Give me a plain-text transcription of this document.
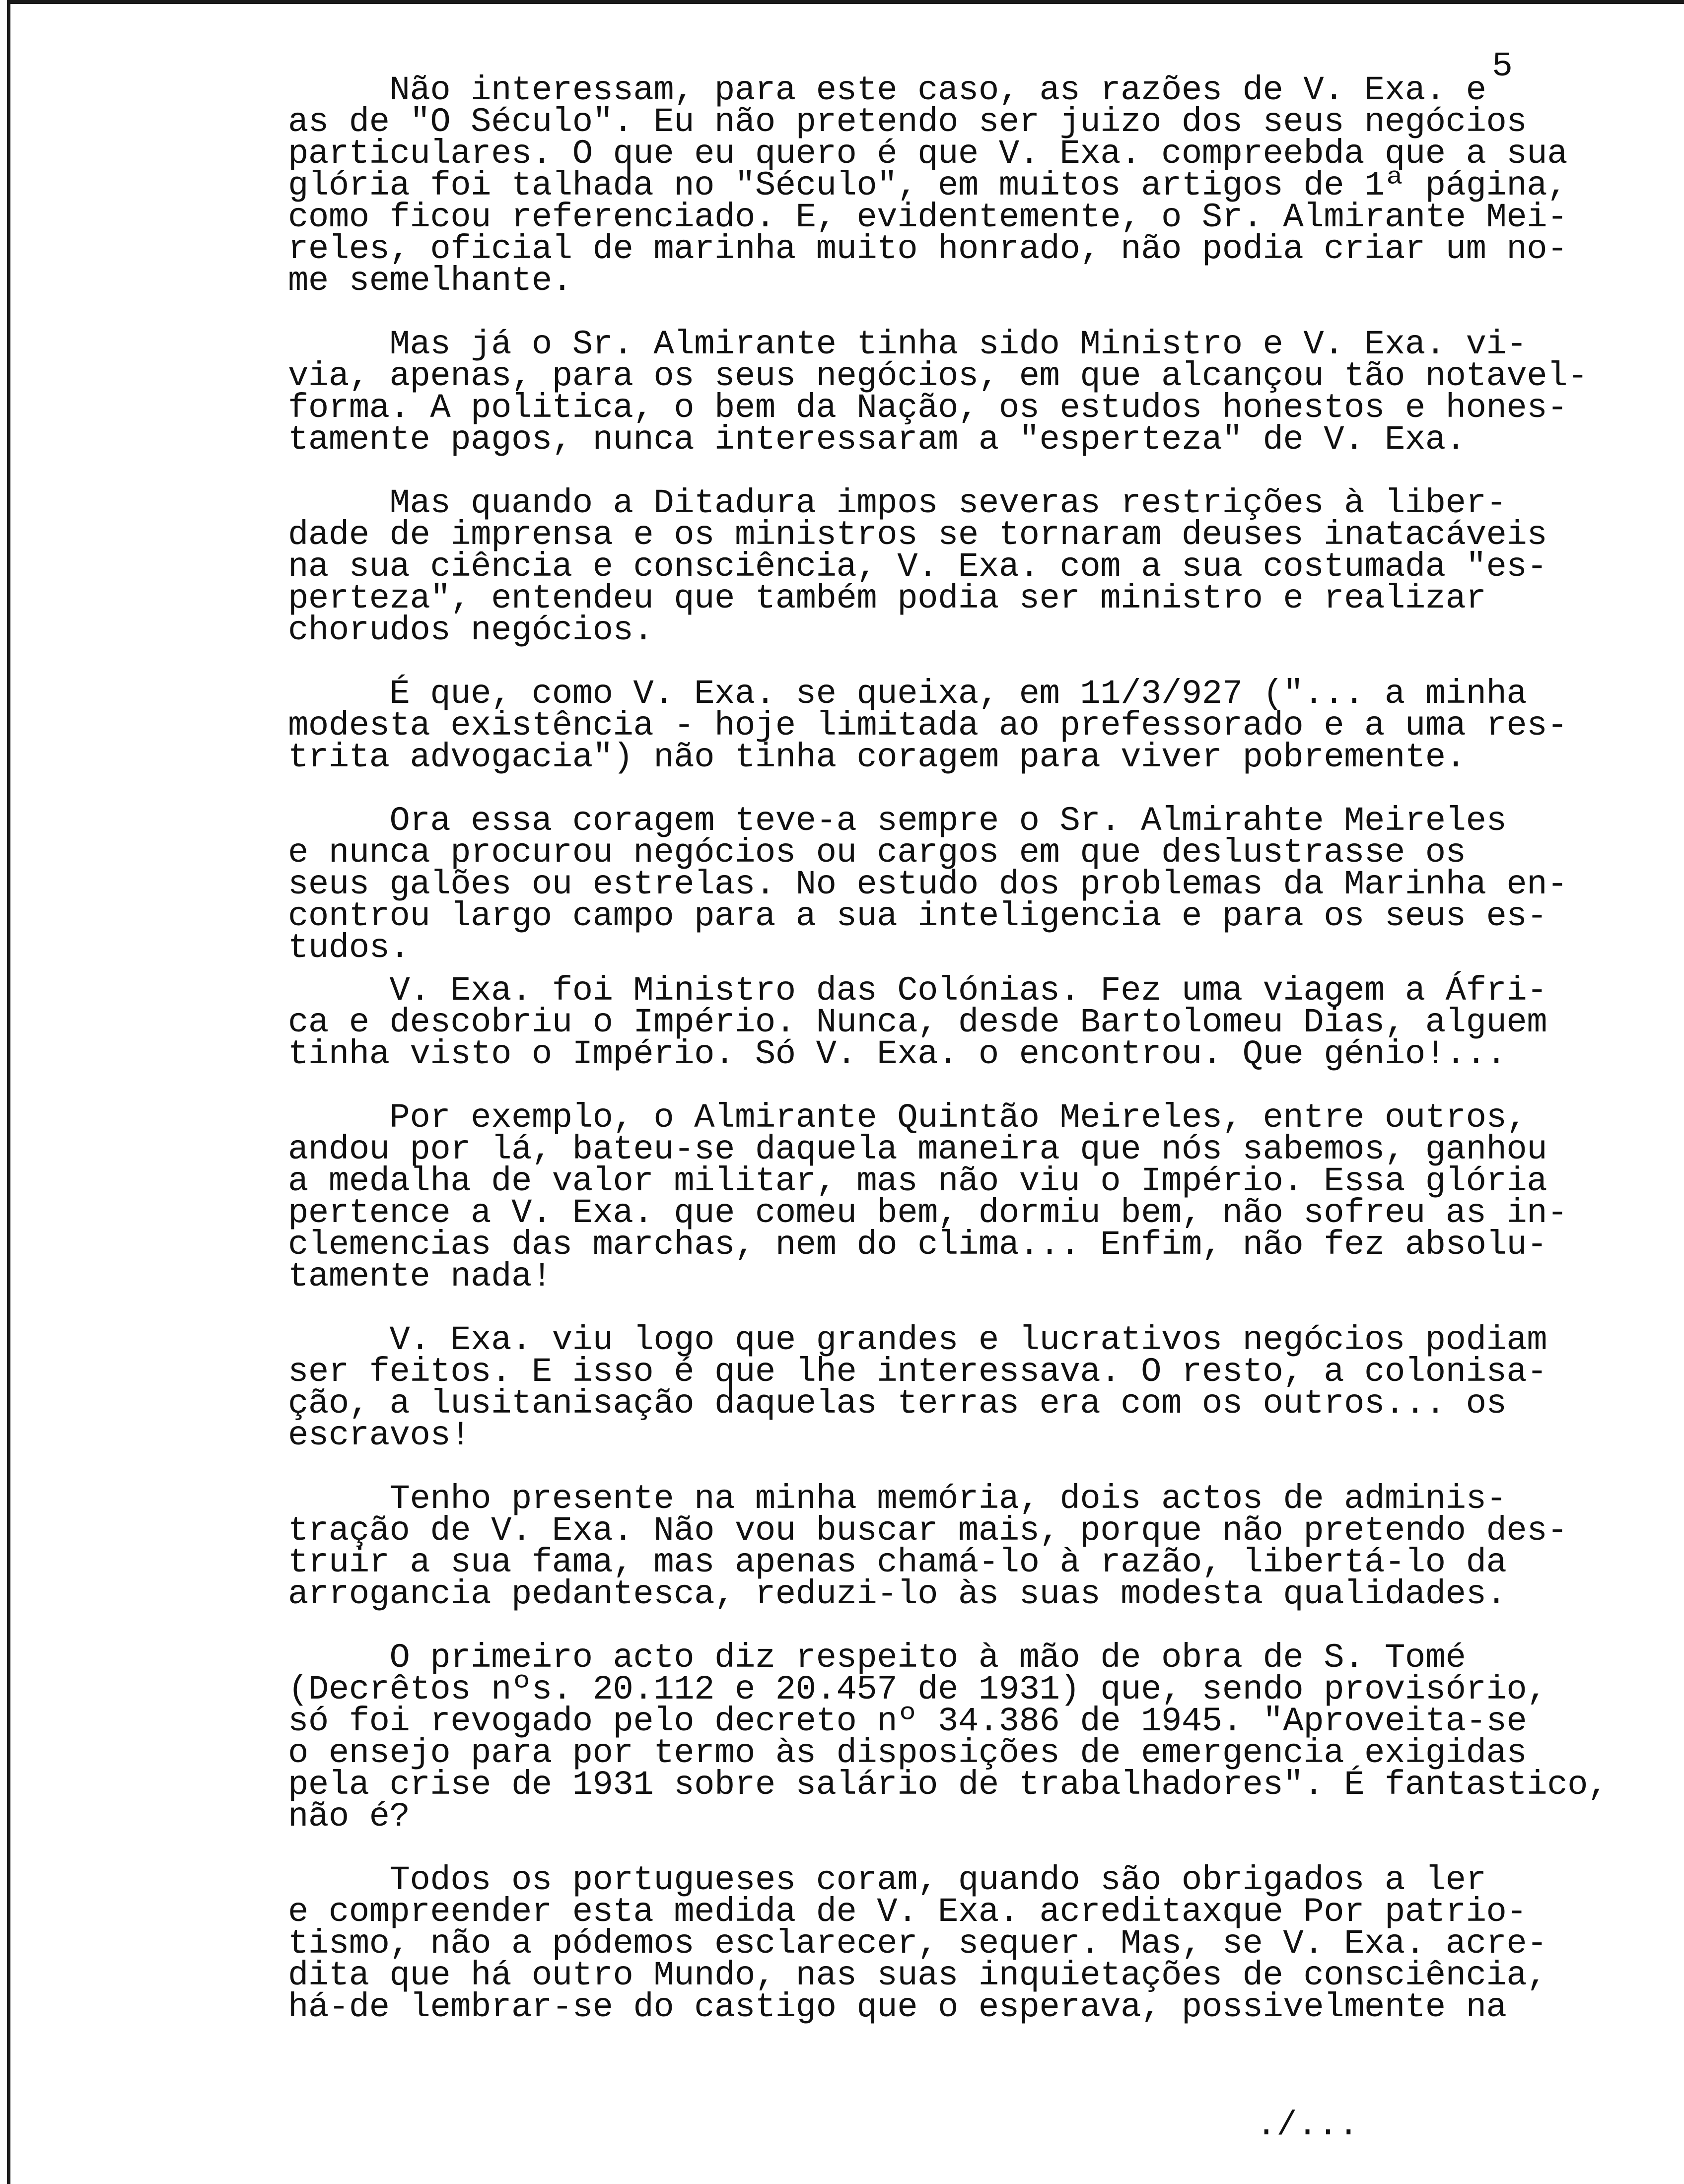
5
Não interessam, para este caso, as razões de V. Exa. e
as de "O Século". Eu não pretendo ser juizo dos seus negócios
particulares. O que eu quero é que V. Exa. compreebda que a sua
glória foi talhada no "Século", em muitos artigos de 1ª página,
como ficou referenciado. E, evidentemente, o Sr. Almirante Mei-
reles, oficial de marinha muito honrado, não podia criar um no-
me semelhante.
Mas já o Sr. Almirante tinha sido Ministro e V. Exa. vi-
via, apenas, para os seus negócios, em que alcançou tão notavel-
forma. A politica, o bem da Nação, os estudos honestos e hones-
tamente pagos, nunca interessaram a "esperteza" de V. Exa.
Mas quando a Ditadura impos severas restrições à liber-
dade de imprensa e os ministros se tornaram deuses inatacáveis
na sua ciência e consciência, V. Exa. com a sua costumada "es-
perteza", entendeu que também podia ser ministro e realizar
chorudos negócios.
É que, como V. Exa. se queixa, em 11/3/927 ("... a minha
modesta existência - hoje limitada ao prefessorado e a uma res-
trita advogacia") não tinha coragem para viver pobremente.
Ora essa coragem teve-a sempre o Sr. Almirahte Meireles
e nunca procurou negócios ou cargos em que deslustrasse os
seus galões ou estrelas. No estudo dos problemas da Marinha en-
controu largo campo para a sua inteligencia e para os seus es-
tudos.
V. Exa. foi Ministro das Colónias. Fez uma viagem a Áfri-
ca e descobriu o Império. Nunca, desde Bartolomeu Dias, alguem
tinha visto o Império. Só V. Exa. o encontrou. Que génio!...
Por exemplo, o Almirante Quintão Meireles, entre outros,
andou por lá, bateu-se daquela maneira que nós sabemos, ganhou
a medalha de valor militar, mas não viu o Império. Essa glória
pertence a V. Exa. que comeu bem, dormiu bem, não sofreu as in-
clemencias das marchas, nem do clima... Enfim, não fez absolu-
tamente nada!
V. Exa. viu logo que grandes e lucrativos negócios podiam
ser feitos. E isso é que lhe interessava. O resto, a colonisa-
ção, a lusitanisação daquelas terras era com os outros... os
escravos!
Tenho presente na minha memória, dois actos de adminis-
tração de V. Exa. Não vou buscar mais, porque não pretendo des-
truir a sua fama, mas apenas chamá-lo à razão, libertá-lo da
arrogancia pedantesca, reduzi-lo às suas modesta qualidades.
O primeiro acto diz respeito à mão de obra de S. Tomé
(Decrêtos nºs. 20.112 e 20.457 de 1931) que, sendo provisório,
só foi revogado pelo decreto nº 34.386 de 1945. "Aproveita-se
o ensejo para por termo às disposições de emergencia exigidas
pela crise de 1931 sobre salário de trabalhadores". É fantastico,
não é?
Todos os portugueses coram, quando são obrigados a ler
e compreender esta medida de V. Exa. acreditaxque Por patrio-
tismo, não a pódemos esclarecer, sequer. Mas, se V. Exa. acre-
dita que há outro Mundo, nas suas inquietações de consciência,
há-de lembrar-se do castigo que o esperava, possivelmente na
./...
